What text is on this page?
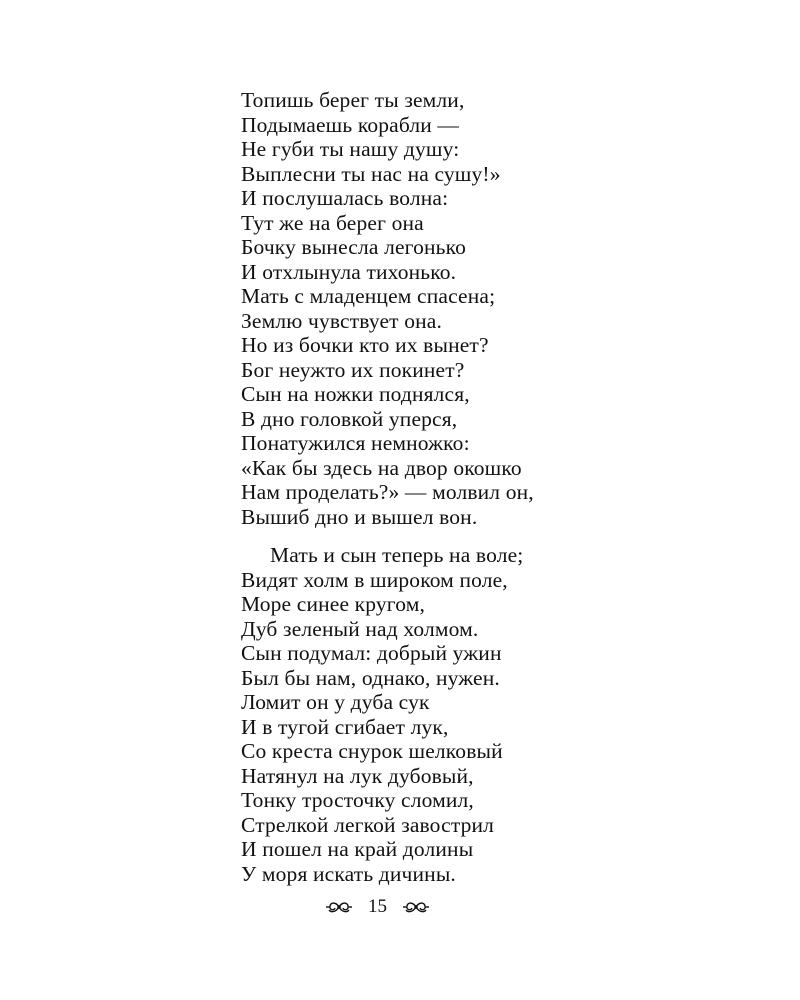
Топишь берег ты земли,
Подымаешь корабли —
Не губи ты нашу душу:
Выплесни ты нас на сушу!»
И послушалась волна:
Тут же на берег она
Бочку вынесла легонько
И отхлынула тихонько.
Мать с младенцем спасена;
Землю чувствует она.
Но из бочки кто их вынет?
Бог неужто их покинет?
Сын на ножки поднялся,
В дно головкой уперся,
Понатужился немножко:
«Как бы здесь на двор окошко
Нам проделать?» — молвил он,
Вышиб дно и вышел вон.
Мать и сын теперь на воле;
Видят холм в широком поле,
Море синее кругом,
Дуб зеленый над холмом.
Сын подумал: добрый ужин
Был бы нам, однако, нужен.
Ломит он у дуба сук
И в тугой сгибает лук,
Со креста снурок шелковый
Натянул на лук дубовый,
Тонку тросточку сломил,
Стрелкой легкой завострил
И пошел на край долины
У моря искать дичины.
15
